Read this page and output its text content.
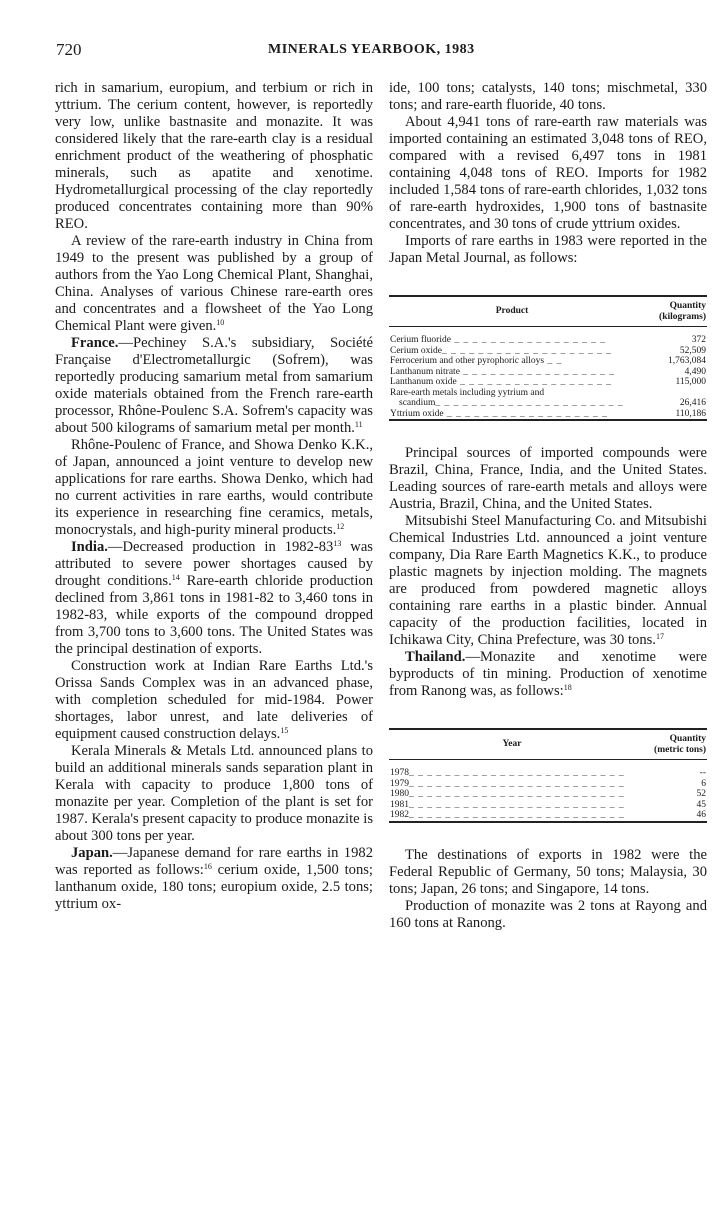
720	MINERALS YEARBOOK, 1983

rich in samarium, europium, and terbium or rich in yttrium. The cerium content, however, is reportedly very low, unlike bastnasite and monazite. It was considered likely that the rare-earth clay is a residual enrichment product of the weathering of phosphatic minerals, such as apatite and xenotime. Hydrometallurgical processing of the clay reportedly produced concentrates containing more than 90% REO.

A review of the rare-earth industry in China from 1949 to the present was published by a group of authors from the Yao Long Chemical Plant, Shanghai, China. Analyses of various Chinese rare-earth ores and concentrates and a flowsheet of the Yao Long Chemical Plant were given.$^{10}$

France.—Pechiney S.A.'s subsidiary, Société Française d'Electrometallurgic (Sofrem), was reportedly producing samarium metal from samarium oxide materials obtained from the French rare-earth processor, Rhône-Poulenc S.A. Sofrem's capacity was about 500 kilograms of samarium metal per month.$^{11}$

Rhône-Poulenc of France, and Showa Denko K.K., of Japan, announced a joint venture to develop new applications for rare earths. Showa Denko, which had no current activities in rare earths, would contribute its experience in researching fine ceramics, metals, monocrystals, and high-purity mineral products.$^{12}$

India.—Decreased production in $1982-83^{13}$ was attributed to severe power shortages caused by drought conditions.$^{14}$ Rare-earth chloride production declined from 3,861 tons in 1981-82 to 3,460 tons in 1982-83, while exports of the compound dropped from 3,700 tons to 3,600 tons. The United States was the principal destination of exports.

Construction work at Indian Rare Earths Ltd.'s Orissa Sands Complex was in an advanced phase, with completion scheduled for mid-1984. Power shortages, labor unrest, and late deliveries of equipment caused construction delays.$^{15}$

Kerala Minerals & Metals Ltd. announced plans to build an additional minerals sands separation plant in Kerala with capacity to produce 1,800 tons of monazite per year. Completion of the plant is set for 1987. Kerala's present capacity to produce monazite is about 300 tons per year.

Japan.—Japanese demand for rare earths in 1982 was reported as follows:$^{16}$ cerium oxide, 1,500 tons; lanthanum oxide, 180 tons; europium oxide, 2.5 tons; yttrium ox-

ide, 100 tons; catalysts, 140 tons; mischmetal, 330 tons; and rare-earth fluoride, 40 tons.

About 4,941 tons of rare-earth raw materials was imported containing an estimated 3,048 tons of REO, compared with a revised 6,497 tons in 1981 containing 4,048 tons of REO. Imports for 1982 included 1,584 tons of rare-earth chlorides, 1,032 tons of rare-earth hydroxides, 1,900 tons of bastnasite concentrates, and 30 tons of crude yttrium oxides.

Imports of rare earths in 1983 were reported in the Japan Metal Journal, as follows:

Product	Quantity
(kilograms)
Cerium fluoride _ _ _ _ _ _ _ _ _ _ _ _ _ _ _ _ _	372
Cerium oxide_ _ _ _ _ _ _ _ _ _ _ _ _ _ _ _ _ _ _	52,509
Ferrocerium and other pyrophoric alloys _ _	1,763,084
Lanthanum nitrate _ _ _ _ _ _ _ _ _ _ _ _ _ _ _ _ _	4,490
Lanthanum oxide _ _ _ _ _ _ _ _ _ _ _ _ _ _ _ _ _	115,000
Rare-earth metals including yytrium and	
scandium_ _ _ _ _ _ _ _ _ _ _ _ _ _ _ _ _ _ _ _ _	26,416
Yttrium oxide _ _ _ _ _ _ _ _ _ _ _ _ _ _ _ _ _ _	110,186

Principal sources of imported compounds were Brazil, China, France, India, and the United States. Leading sources of rare-earth metals and alloys were Austria, Brazil, China, and the United States.

Mitsubishi Steel Manufacturing Co. and Mitsubishi Chemical Industries Ltd. announced a joint venture company, Dia Rare Earth Magnetics K.K., to produce plastic magnets by injection molding. The magnets are produced from powdered magnetic alloys containing rare earths in a plastic binder. Annual capacity of the production facilities, located in Ichikawa City, China Prefecture, was 30 tons.$^{17}$

Thailand.—Monazite and xenotime were byproducts of tin mining. Production of xenotime from Ranong was, as follows:$^{18}$

Year	Quantity
(metric tons)
1978_ _ _ _ _ _ _ _ _ _ _ _ _ _ _ _ _ _ _ _ _ _ _ _	--
1979_ _ _ _ _ _ _ _ _ _ _ _ _ _ _ _ _ _ _ _ _ _ _ _	6
1980_ _ _ _ _ _ _ _ _ _ _ _ _ _ _ _ _ _ _ _ _ _ _ _	52
1981_ _ _ _ _ _ _ _ _ _ _ _ _ _ _ _ _ _ _ _ _ _ _ _	45
1982_ _ _ _ _ _ _ _ _ _ _ _ _ _ _ _ _ _ _ _ _ _ _ _	46

The destinations of exports in 1982 were the Federal Republic of Germany, 50 tons; Malaysia, 30 tons; Japan, 26 tons; and Singapore, 14 tons.

Production of monazite was 2 tons at Rayong and 160 tons at Ranong.
